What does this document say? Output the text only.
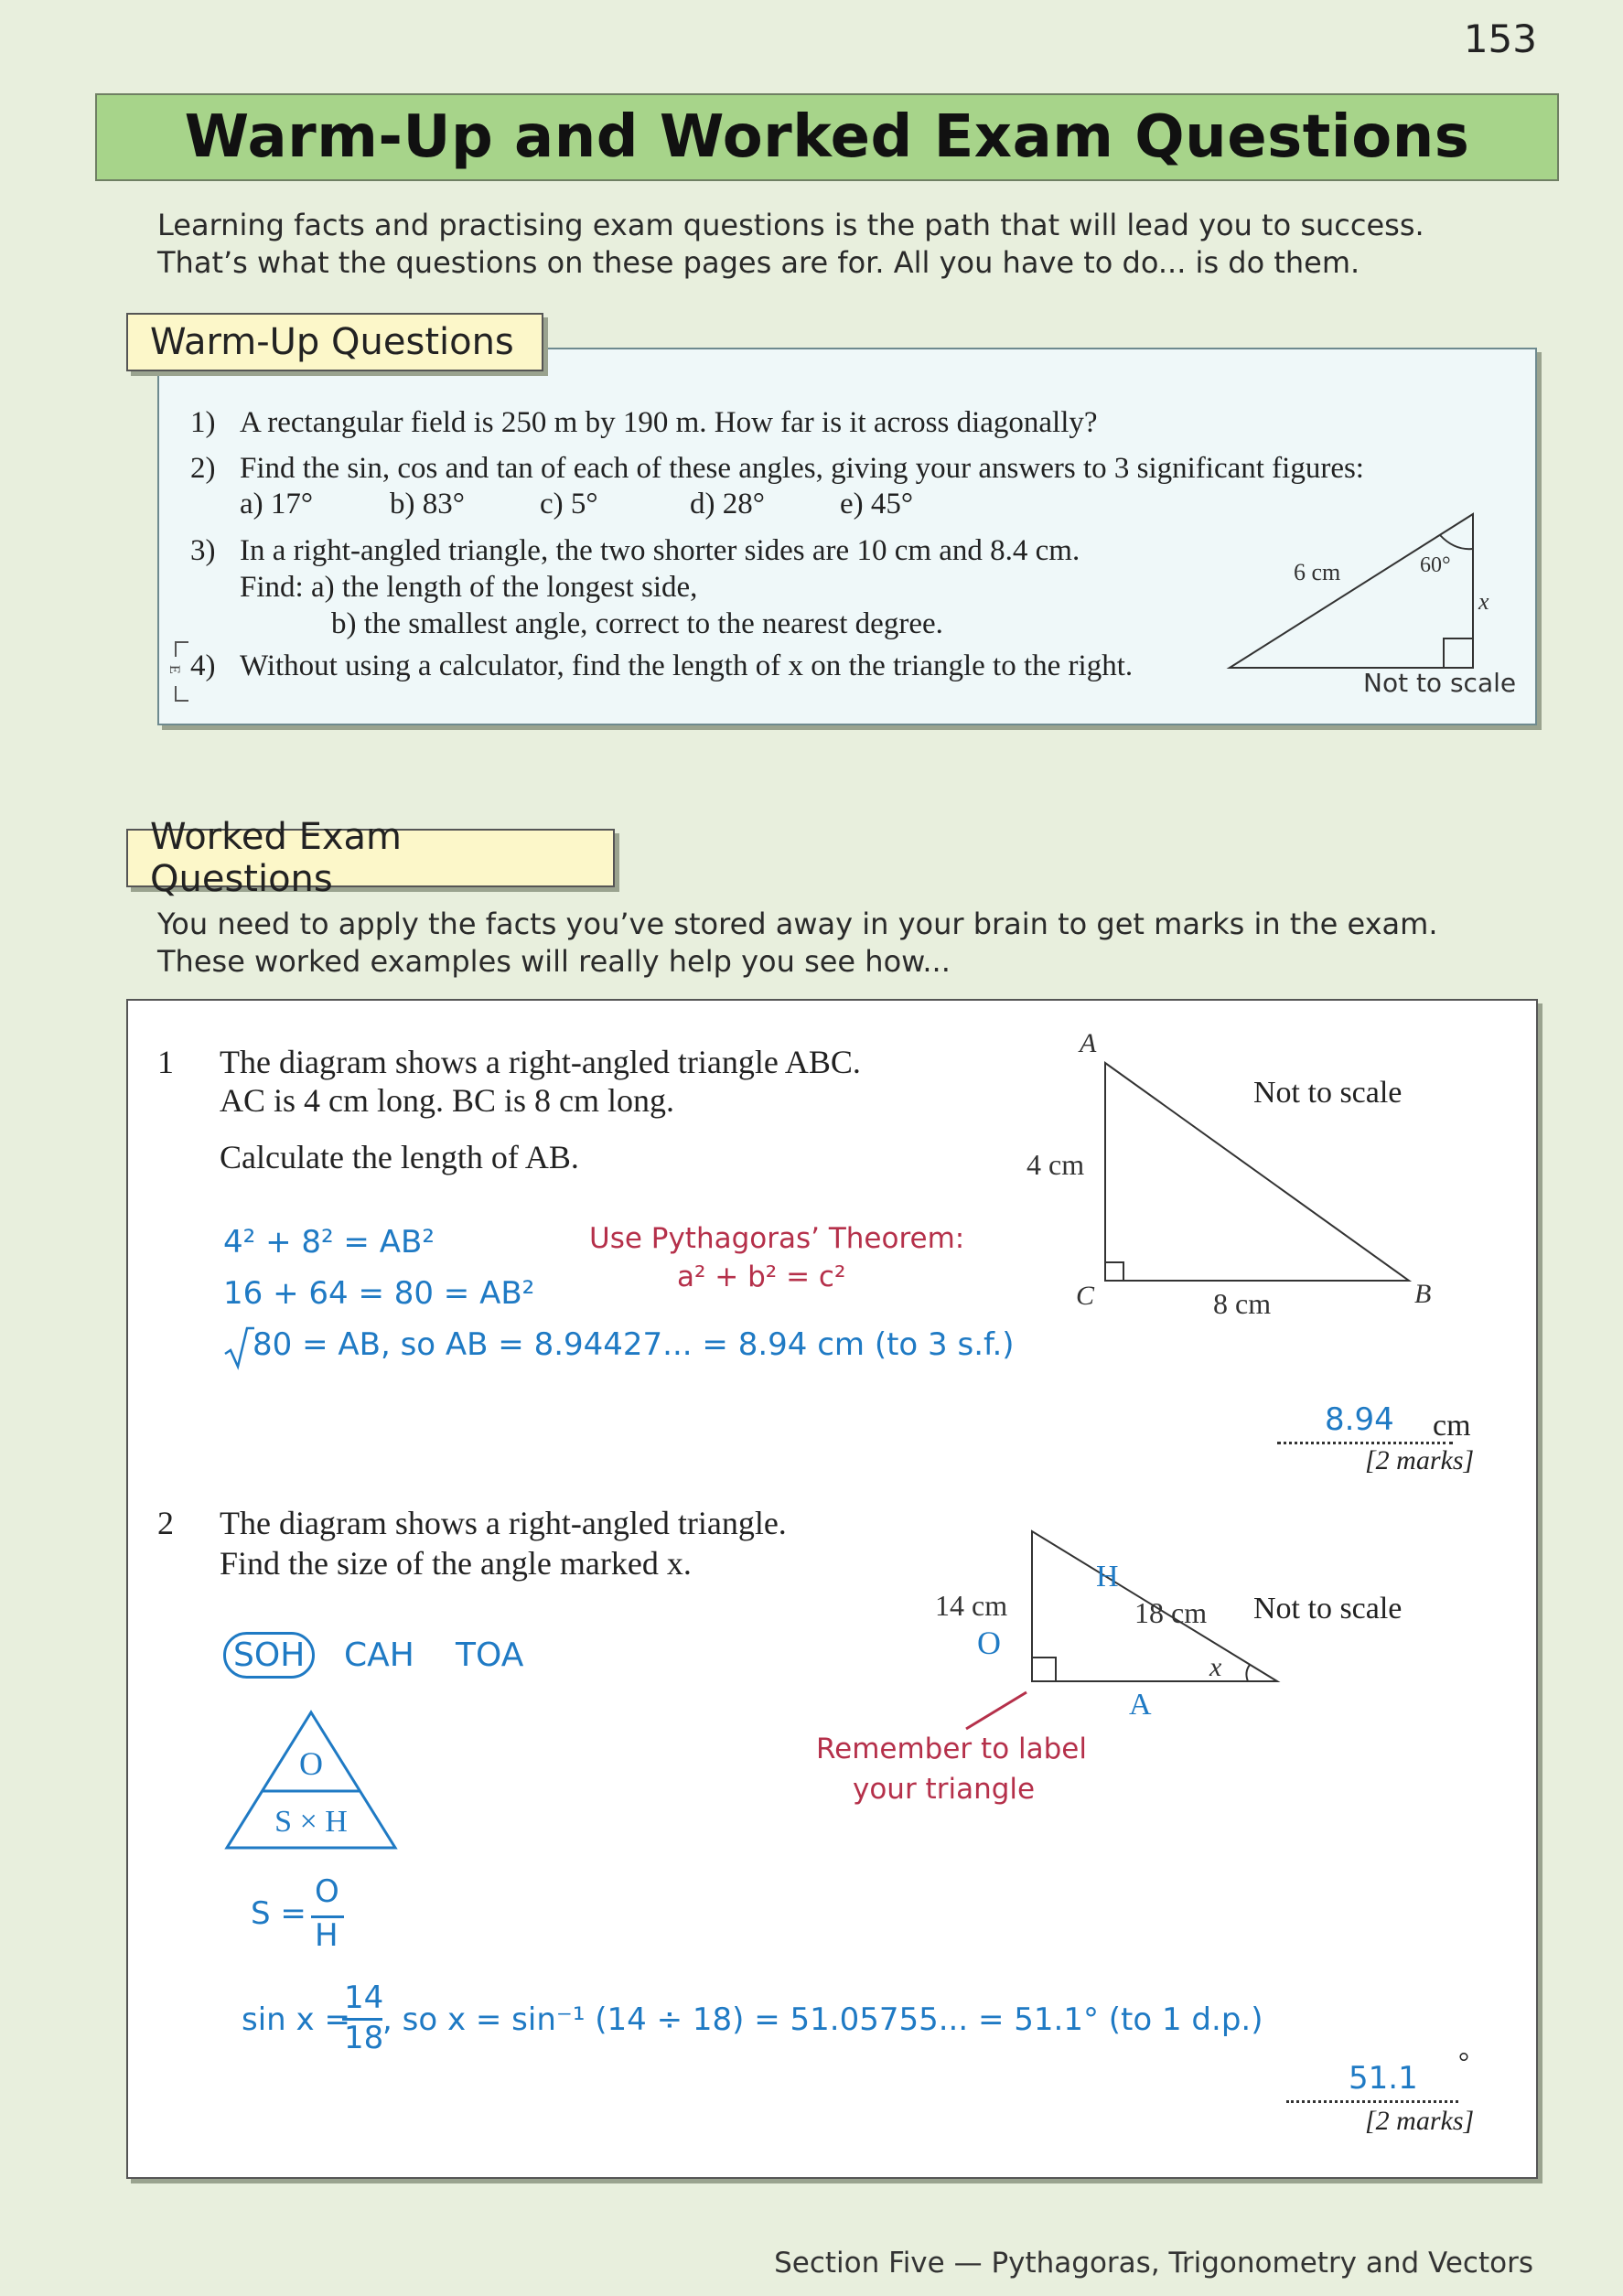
153
Warm-Up and Worked Exam Questions
Learning facts and practising exam questions is the path that will lead you to success.
That’s what the questions on these pages are for. All you have to do... is do them.
Warm-Up Questions
1) A rectangular field is 250 m by 190 m. How far is it across diagonally?
2) Find the sin, cos and tan of each of these angles, giving your answers to 3 significant figures:
a) 17°	b) 83° c) 5°	d) 28° e) 45°
3) In a right-angled triangle, the two shorter sides are 10 cm and 8.4 cm.
Find: a) the length of the longest side,
b) the smallest angle, correct to the nearest degree.
E 4) Without using a calculator, find the length of x on the triangle to the right.
6 cm	60°
x
Not to scale
Worked Exam Questions
You need to apply the facts you’ve stored away in your brain to get marks in the exam.
These worked examples will really help you see how...
1 The diagram shows a right-angled triangle ABC.
AC is 4 cm long. BC is 8 cm long.
Calculate the length of AB.
4² + 8² = AB²
16 + 64 = 80 = AB²
80 = AB, so AB = 8.94427... = 8.94 cm (to 3 s.f.)
Use Pythagoras’ Theorem:
a² + b² = c²
A
C	B
4 cm
8 cm
Not to scale
8.94 cm
[2 marks]
2 The diagram shows a right-angled triangle.
Find the size of the angle marked x.
SOH	CAH TOA
O
S × H
S =
O
H
sin x =
14
18
, so x = sin⁻¹ (14 ÷ 18) = 51.05755... = 51.1° (to 1 d.p.)
H
18 cm
14 cm
O
A
x
Not to scale
Remember to label
your triangle
51.1 °
[2 marks]
Section Five — Pythagoras, Trigonometry and Vectors
